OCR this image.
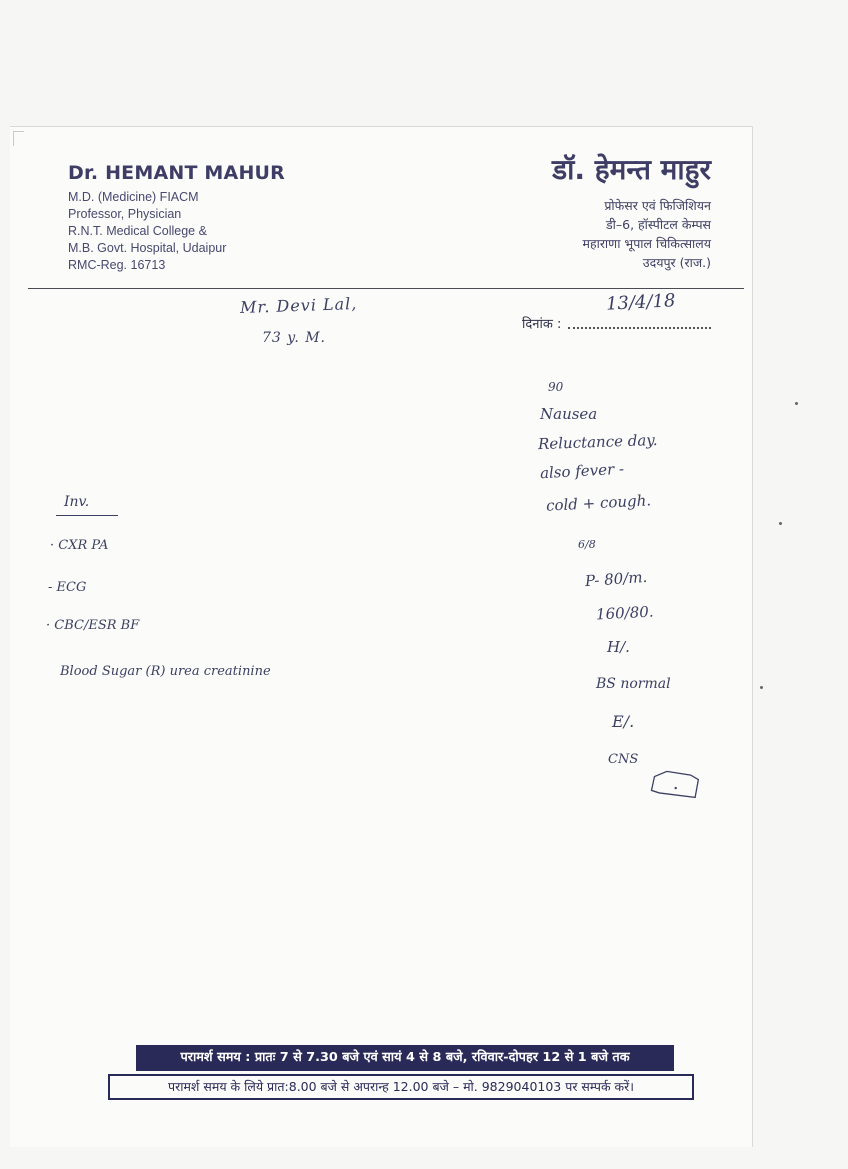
Dr. HEMANT MAHUR
M.D. (Medicine) FIACM
Professor, Physician
R.N.T. Medical College &
M.B. Govt. Hospital, Udaipur
RMC-Reg. 16713
डॉ. हेमन्त माहुर
प्रोफेसर एवं फिजिशियन
डी–6, हॉस्पीटल केम्पस
महाराणा भूपाल चिकित्सालय
उदयपुर (राज.)
दिनांक :
13/4/18
Mr. Devi Lal,
73 y. M.
90
Nausea
Reluctance day.
also fever -
cold + cough.
6/8
P- 80/m.
160/80.
H/.
BS normal
E/.
CNS
Inv.
· CXR PA
- ECG
· CBC/ESR BF
Blood Sugar (R) urea creatinine
परामर्श समय : प्रातः 7 से 7.30 बजे एवं सायं 4 से 8 बजे, रविवार-दोपहर 12 से 1 बजे तक
परामर्श समय के लिये प्रात:8.00 बजे से अपरान्ह 12.00 बजे – मो. 9829040103 पर सम्पर्क करें।
